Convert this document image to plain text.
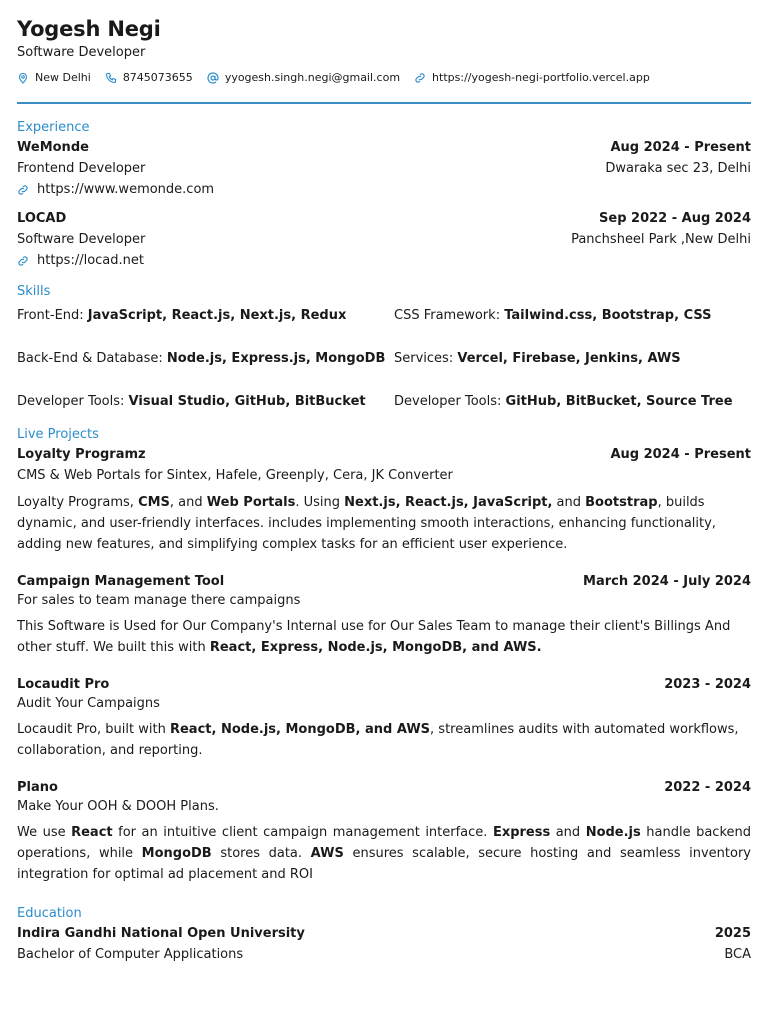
Yogesh Negi
Software Developer
New Delhi	8745073655	yyogesh.singh.negi@gmail.com	https://yogesh-negi-portfolio.vercel.app
Experience
WeMonde	Aug 2024 - Present
Frontend Developer	Dwaraka sec 23, Delhi
https://www.wemonde.com
LOCAD	Sep 2022 - Aug 2024
Software Developer	Panchsheel Park ,New Delhi
https://locad.net
Skills
Front-End: JavaScript, React.js, Next.js, Redux	CSS Framework: Tailwind.css, Bootstrap, CSS
Back-End & Database: Node.js, Express.js, MongoDB Services: Vercel, Firebase, Jenkins, AWS
Developer Tools: Visual Studio, GitHub, BitBucket	Developer Tools: GitHub, BitBucket, Source Tree
Live Projects
Loyalty Programz	Aug 2024 - Present
CMS & Web Portals for Sintex, Hafele, Greenply, Cera, JK Converter
Loyalty Programs, CMS, and Web Portals. Using Next.js, React.js, JavaScript, and Bootstrap, builds dynamic, and user-friendly interfaces. includes implementing smooth interactions, enhancing functionality, adding new features, and simplifying complex tasks for an efficient user experience.
Campaign Management Tool	March 2024 - July 2024
For sales to team manage there campaigns
This Software is Used for Our Company's Internal use for Our Sales Team to manage their client's Billings And other stuff. We built this with React, Express, Node.js, MongoDB, and AWS.
Locaudit Pro	2023 - 2024
Audit Your Campaigns
Locaudit Pro, built with React, Node.js, MongoDB, and AWS, streamlines audits with automated workflows, collaboration, and reporting.
Plano	2022 - 2024
Make Your OOH & DOOH Plans.
We use React for an intuitive client campaign management interface. Express and Node.js handle backend operations, while MongoDB stores data. AWS ensures scalable, secure hosting and seamless inventory integration for optimal ad placement and ROI
Education
Indira Gandhi National Open University	2025
Bachelor of Computer Applications	BCA
